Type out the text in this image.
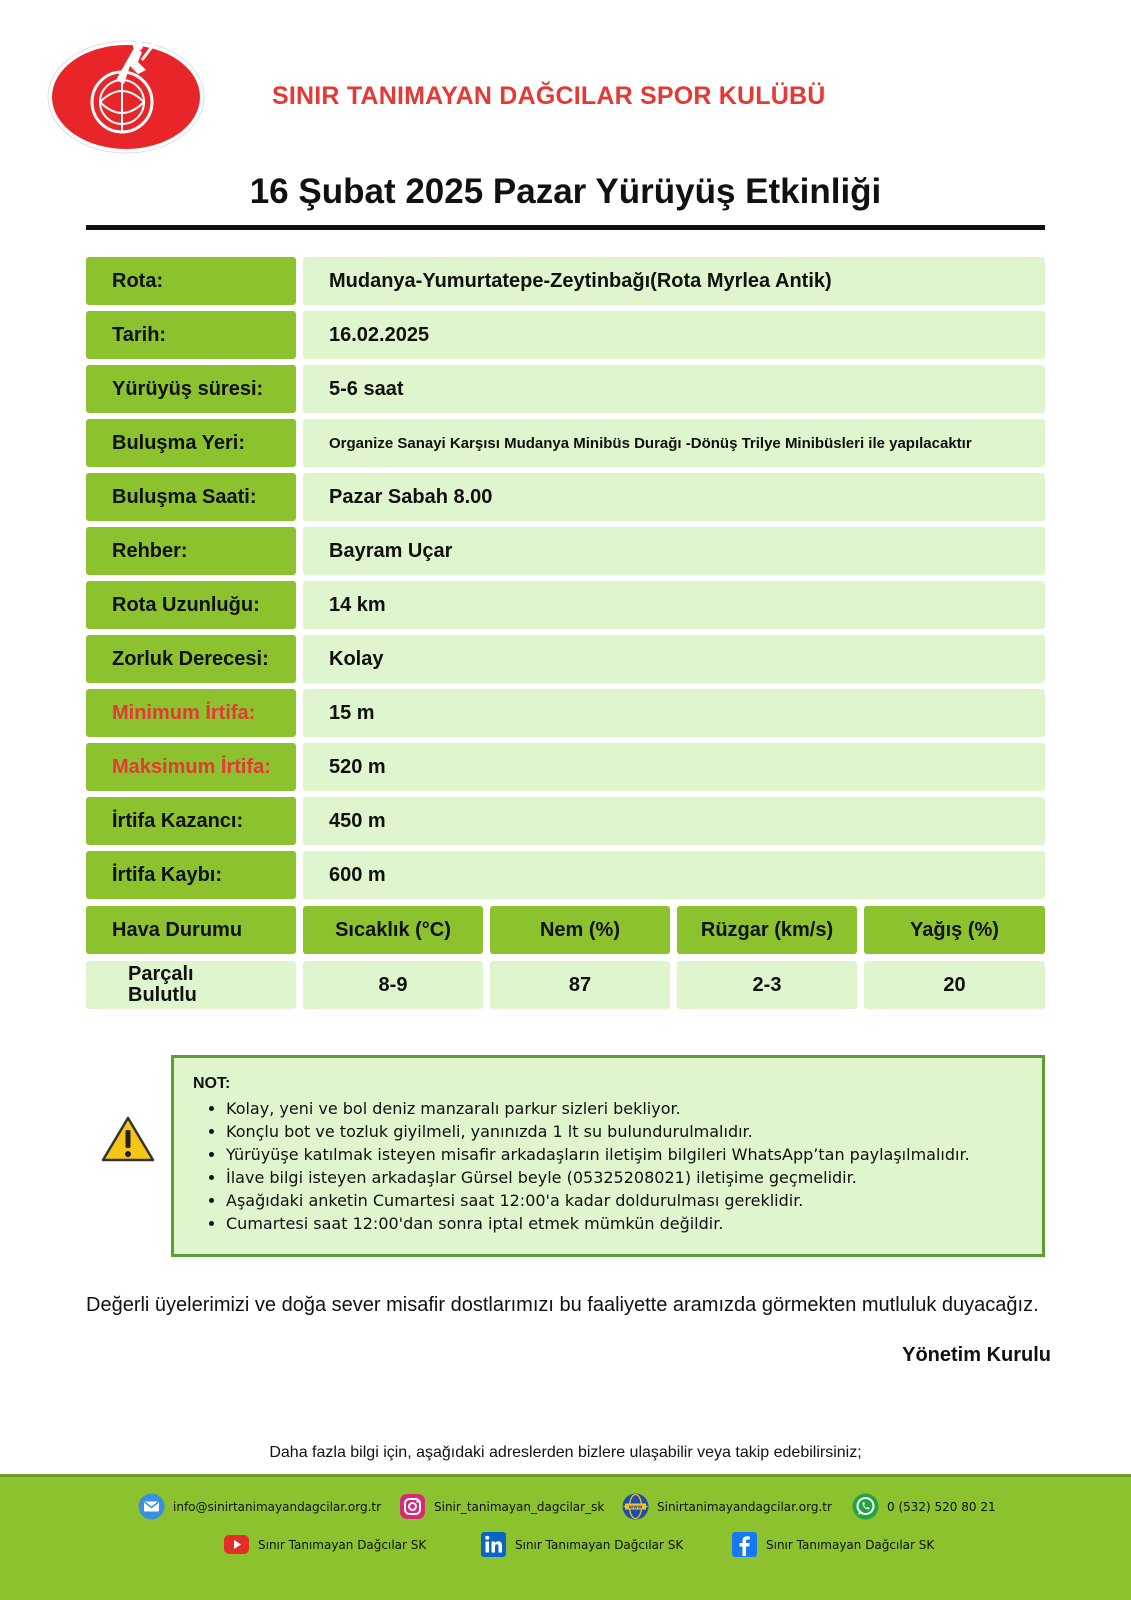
SINIR TANIMAYAN DAĞCILAR SPOR KULÜBÜ
16 Şubat 2025 Pazar Yürüyüş Etkinliği
Rota:	Mudanya-Yumurtatepe-Zeytinbağı(Rota Myrlea Antik)
Tarih:	16.02.2025
Yürüyüş süresi:	5-6 saat
Buluşma Yeri:	Organize Sanayi Karşısı Mudanya Minibüs Durağı -Dönüş Trilye Minibüsleri ile yapılacaktır
Buluşma Saati:	Pazar Sabah 8.00
Rehber:	Bayram Uçar
Rota Uzunluğu:	14 km
Zorluk Derecesi:	Kolay
Minimum İrtifa:	15 m
Maksimum İrtifa:	520 m
İrtifa Kazancı:	450 m
İrtifa Kaybı:	600 m
Hava Durumu	Sıcaklık (°C)	Nem (%)	Rüzgar (km/s)	Yağış (%)
Parçalı
Bulutlu	8-9	87	2-3	20
NOT:
• Kolay, yeni ve bol deniz manzaralı parkur sizleri bekliyor.
• Konçlu bot ve tozluk giyilmeli, yanınızda 1 lt su bulundurulmalıdır.
• Yürüyüşe katılmak isteyen misafir arkadaşların iletişim bilgileri WhatsApp’tan paylaşılmalıdır.
• İlave bilgi isteyen arkadaşlar Gürsel beyle (05325208021) iletişime geçmelidir.
• Aşağıdaki anketin Cumartesi saat 12:00'a kadar doldurulması gereklidir.
• Cumartesi saat 12:00'dan sonra iptal etmek mümkün değildir.
Değerli üyelerimizi ve doğa sever misafir dostlarımızı bu faaliyette aramızda görmekten mutluluk duyacağız.
Yönetim Kurulu
Daha fazla bilgi için, aşağıdaki adreslerden bizlere ulaşabilir veya takip edebilirsiniz;
info@sinirtanimayandagcilar.org.tr	Sinir_tanimayan_dagcilar_sk	www Sinirtanimayandagcilar.org.tr	0 (532) 520 80 21
Sınır Tanımayan Dağcılar SK	Sınır Tanımayan Dağcılar SK	Sınır Tanımayan Dağcılar SK
